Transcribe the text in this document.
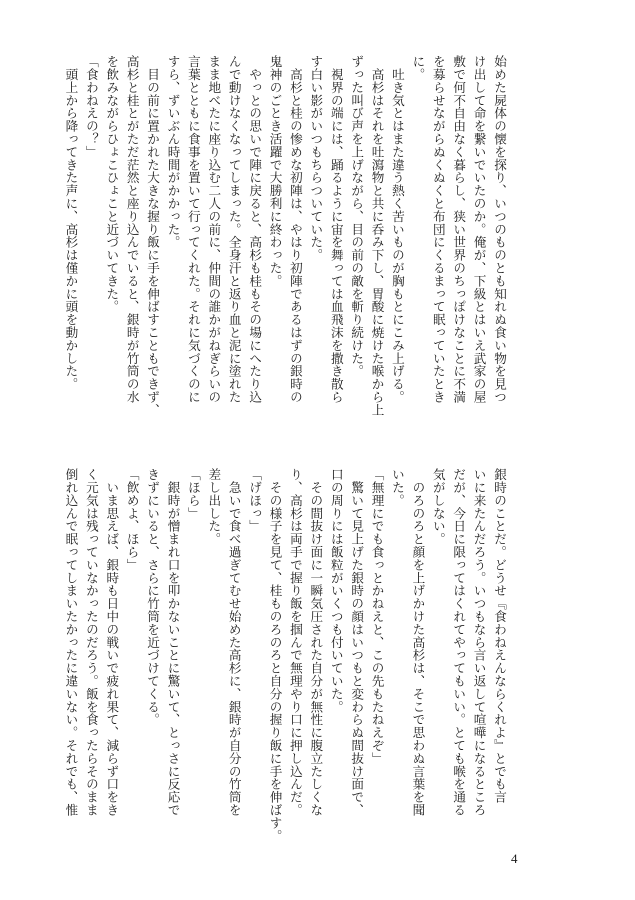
始めた屍体の懐を探り、いつのものとも知れぬ食い物を見つ
け出して命を繋いでいたのか。俺が、下級とはいえ武家の屋
敷で何不自由なく暮らし、狭い世界のちっぽけなことに不満
を募らせながらぬくぬくと布団にくるまって眠っていたとき
に。
　吐き気とはまた違う熱く苦いものが胸もとにこみ上げる。
　高杉はそれを吐瀉物と共に呑み下し、胃酸に焼けた喉から上
ずった叫び声を上げながら、目の前の敵を斬り続けた。
　視界の端には、踊るように宙を舞っては血飛沫を撒き散ら
す白い影がいつもちらついていた。
　高杉と桂の惨めな初陣は、やはり初陣であるはずの銀時の
鬼神のごとき活躍で大勝利に終わった。
　やっとの思いで陣に戻ると、高杉も桂もその場にへたり込
んで動けなくなってしまった。全身汗と返り血と泥に塗れた
まま地べたに座り込む二人の前に、仲間の誰かがねぎらいの
言葉とともに食事を置いて行ってくれた。それに気づくのに
すら、ずいぶん時間がかかった。
　目の前に置かれた大きな握り飯に手を伸ばすこともできず、
高杉と桂とがただ茫然と座り込んでいると、銀時が竹筒の水
を飲みながらひょこひょこと近づいてきた。
「食わねえの？」
　頭上から降ってきた声に、高杉は僅かに頭を動かした。
銀時のことだ。どうせ『食わねえんならくれよ』とでも言
いに来たんだろう。いつもなら言い返して喧嘩になるところ
だが、今日に限ってはくれてやってもいい。とても喉を通る
気がしない。
　のろのろと顔を上げかけた高杉は、そこで思わぬ言葉を聞
いた。
「無理にでも食っとかねえと、この先もたねえぞ」
　驚いて見上げた銀時の顔はいつもと変わらぬ間抜け面で、
口の周りには飯粒がいくつも付いていた。
　その間抜け面に一瞬気圧された自分が無性に腹立たしくな
り、高杉は両手で握り飯を掴んで無理やり口に押し込んだ。
　その様子を見て、桂ものろのろと自分の握り飯に手を伸ばす。
「げほっ」
　急いで食べ過ぎてむせ始めた高杉に、銀時が自分の竹筒を
差し出した。
「ほら」
　銀時が憎まれ口を叩かないことに驚いて、とっさに反応で
きずにいると、さらに竹筒を近づけてくる。
「飲めよ、ほら」
　いま思えば、銀時も日中の戦いで疲れ果て、減らず口をき
く元気は残っていなかったのだろう。飯を食ったらそのまま
倒れ込んで眠ってしまいたかったに違いない。それでも、惟
4
